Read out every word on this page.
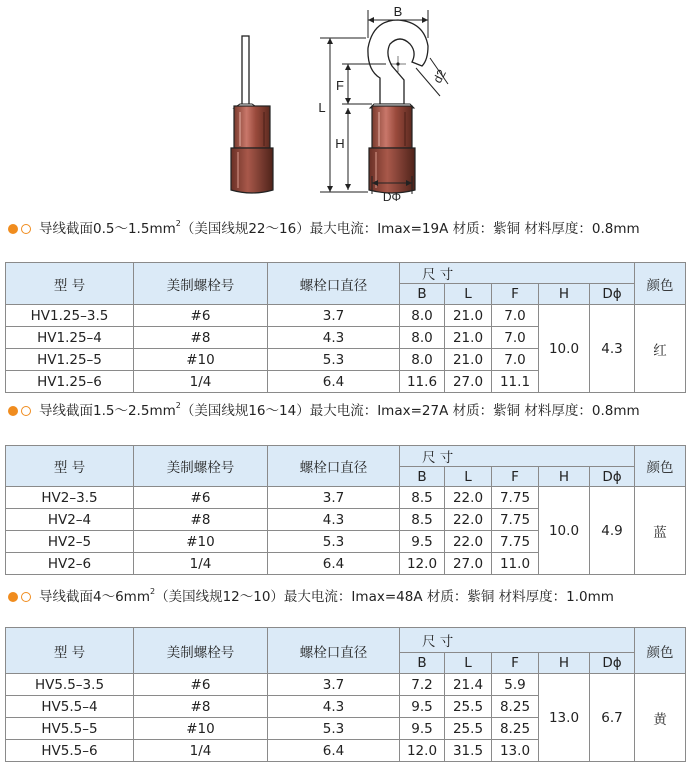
B
L
F
H
DΦ
d2
导线截面$0.5\sim 1.5mm^2$（美国线规22～16）最大电流：Imax=19A 材质：紫铜 材料厚度：0.8mm
型 号	美制螺栓号	螺栓口直径	尺 寸					颜色
			B	L	F	H	Dϕ	
HV1.25–3.5	#6	3.7	8.0	21.0	7.0	10.0	4.3	红
HV1.25–4	#8	4.3	8.0	21.0	7.0			
HV1.25–5	#10	5.3	8.0	21.0	7.0			
HV1.25–6	1/4	6.4	11.6	27.0	11.1			
导线截面$1.5\sim 2.5mm^2$（美国线规16～14）最大电流：Imax=27A 材质：紫铜 材料厚度：0.8mm
型 号	美制螺栓号	螺栓口直径	尺 寸					颜色
			B	L	F	H	Dϕ	
HV2–3.5	#6	3.7	8.5	22.0	7.75	10.0	4.9	蓝
HV2–4	#8	4.3	8.5	22.0	7.75			
HV2–5	#10	5.3	9.5	22.0	7.75			
HV2–6	1/4	6.4	12.0	27.0	11.0			
导线截面$4\sim 6mm^2$（美国线规12～10）最大电流：Imax=48A 材质：紫铜 材料厚度：1.0mm
型 号	美制螺栓号	螺栓口直径	尺 寸					颜色
			B	L	F	H	Dϕ	
HV5.5–3.5	#6	3.7	7.2	21.4	5.9	13.0	6.7	黄
HV5.5–4	#8	4.3	9.5	25.5	8.25			
HV5.5–5	#10	5.3	9.5	25.5	8.25			
HV5.5–6	1/4	6.4	12.0	31.5	13.0			
